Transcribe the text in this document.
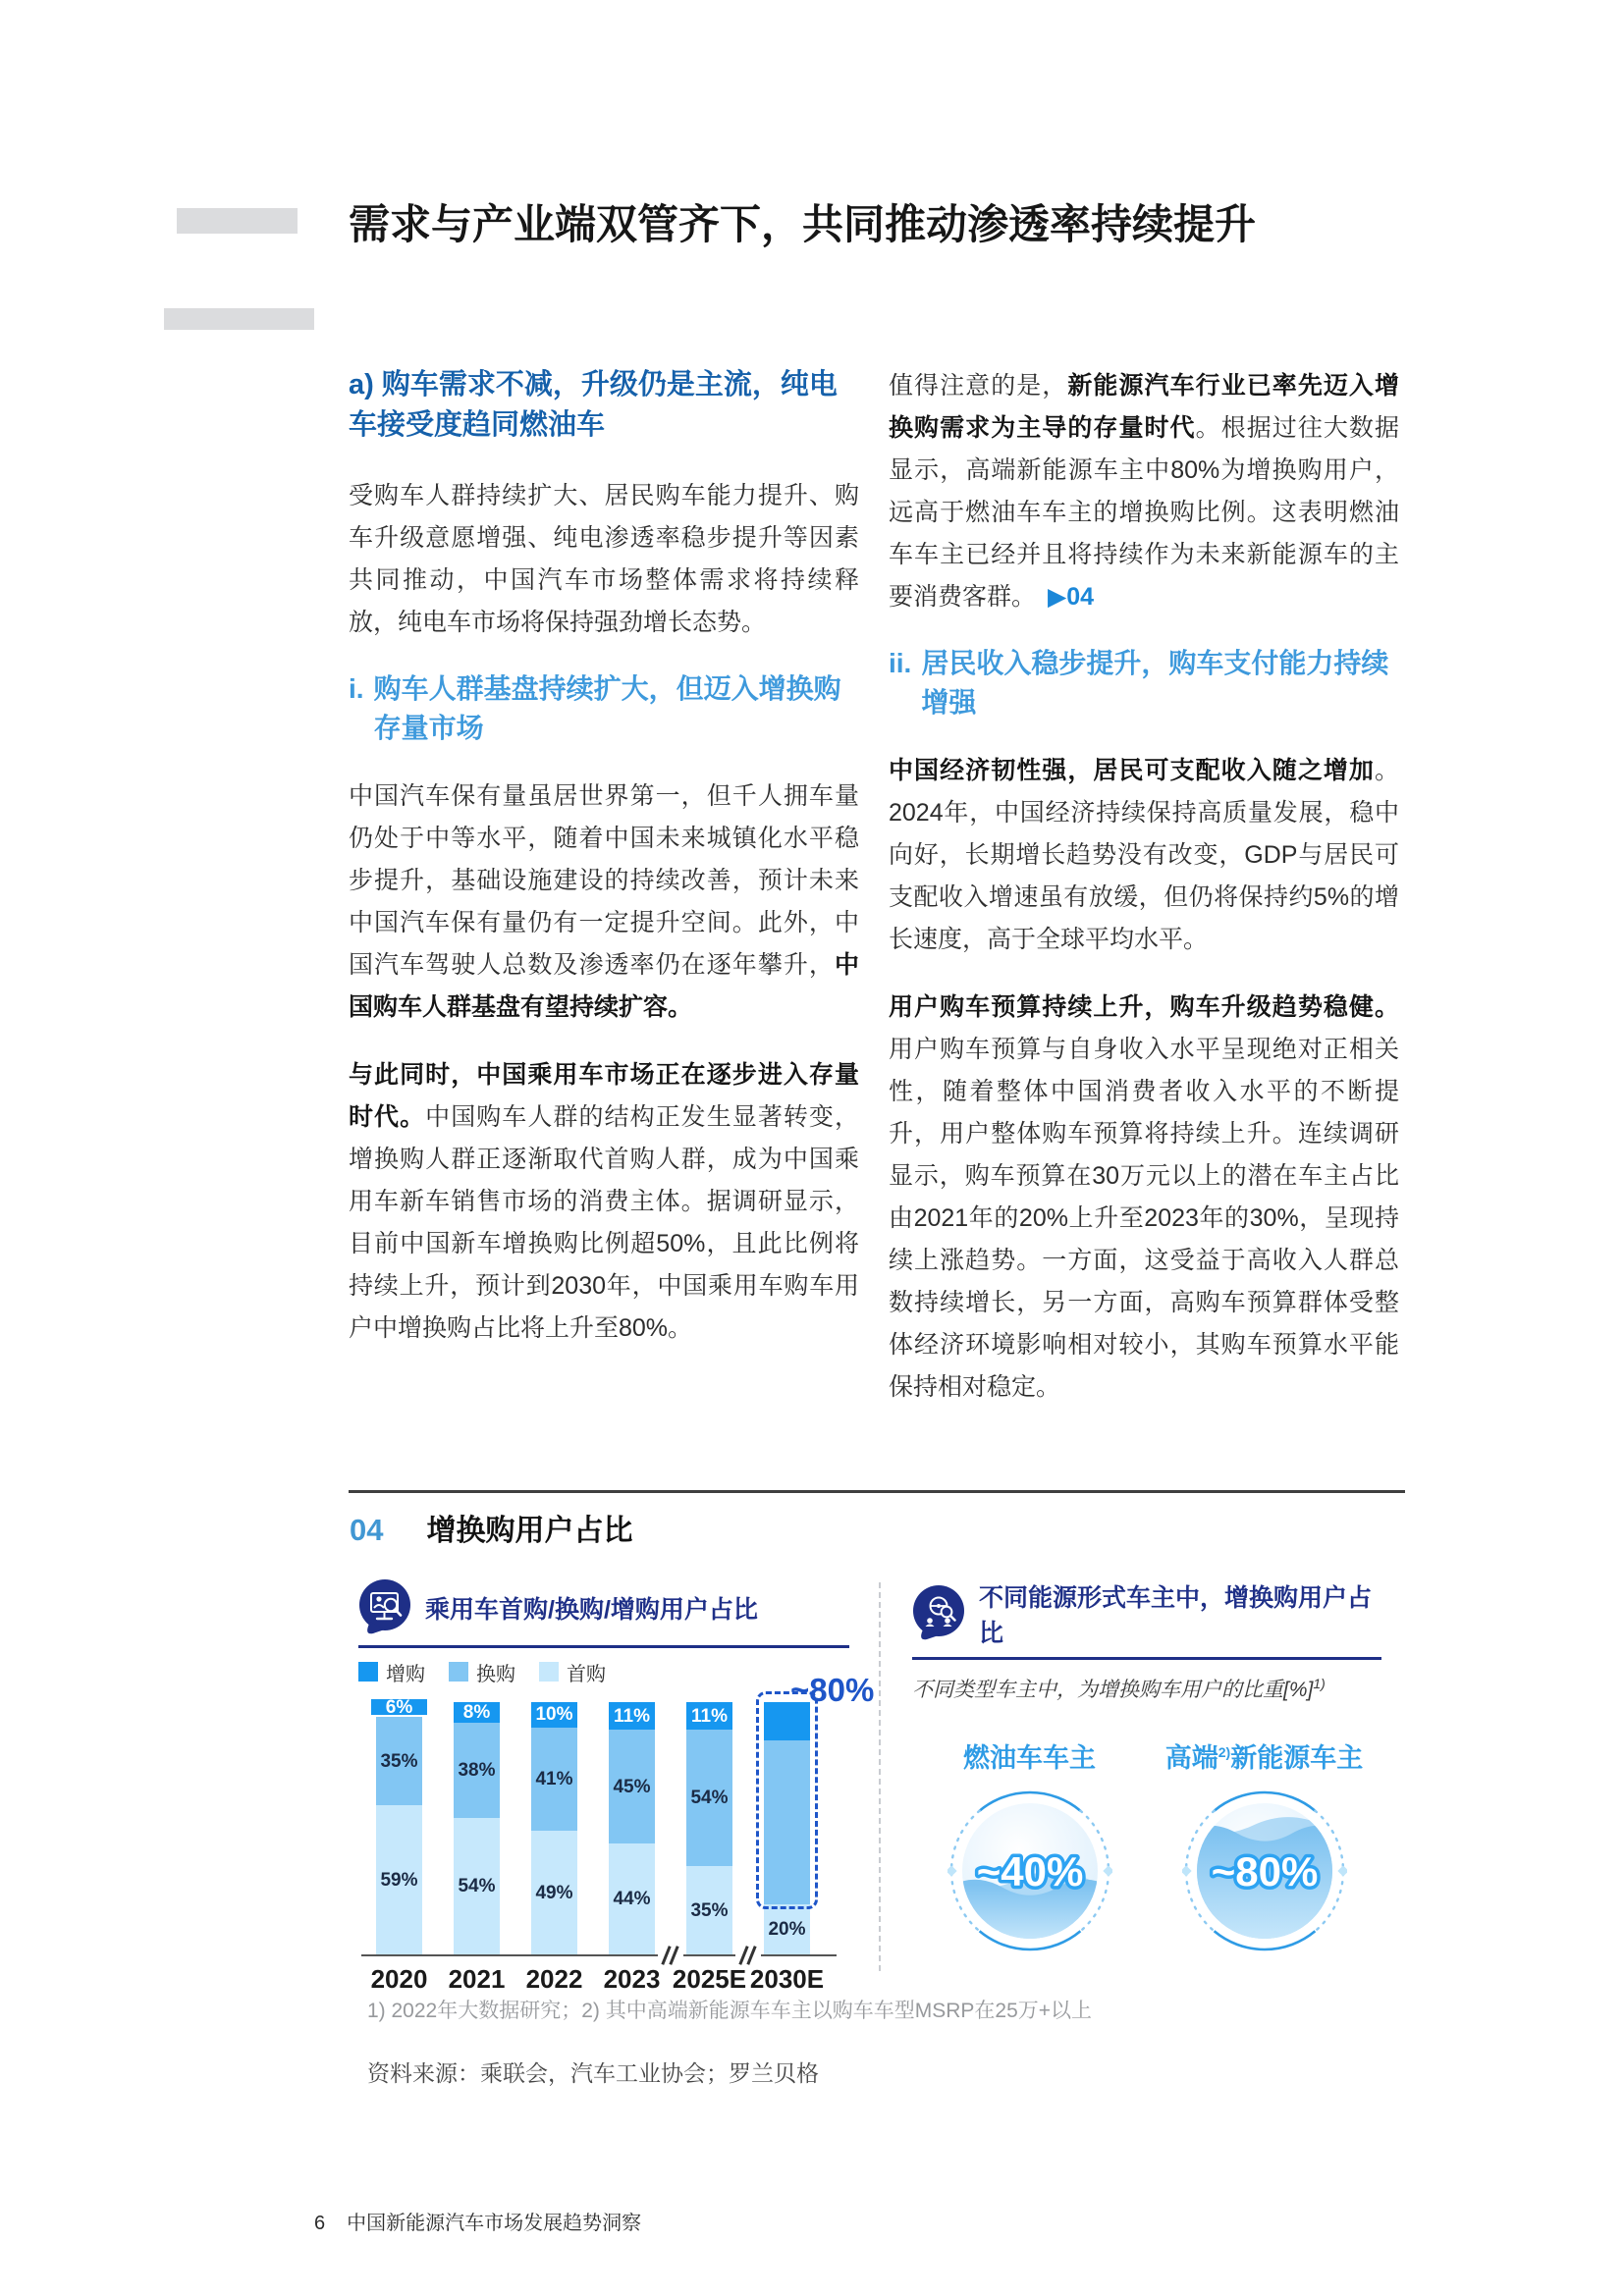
需求与产业端双管齐下，共同推动渗透率持续提升
a) 购车需求不减，升级仍是主流，纯电车接受度趋同燃油车

受购车人群持续扩大、居民购车能力提升、购车升级意愿增强、纯电渗透率稳步提升等因素共同推动，中国汽车市场整体需求将持续释放，纯电车市场将保持强劲增长态势。

i. 购车人群基盘持续扩大，但迈入增换购存量市场

中国汽车保有量虽居世界第一，但千人拥车量仍处于中等水平，随着中国未来城镇化水平稳步提升，基础设施建设的持续改善，预计未来中国汽车保有量仍有一定提升空间。此外，中国汽车驾驶人总数及渗透率仍在逐年攀升，中国购车人群基盘有望持续扩容。

与此同时，中国乘用车市场正在逐步进入存量时代。中国购车人群的结构正发生显著转变，增换购人群正逐渐取代首购人群，成为中国乘用车新车销售市场的消费主体。据调研显示，目前中国新车增换购比例超50%，且此比例将持续上升，预计到2030年，中国乘用车购车用户中增换购占比将上升至80%。

值得注意的是，新能源汽车行业已率先迈入增换购需求为主导的存量时代。根据过往大数据显示，高端新能源车主中80%为增换购用户，远高于燃油车车主的增换购比例。这表明燃油车车主已经并且将持续作为未来新能源车的主要消费客群。 ▶04

ii. 居民收入稳步提升，购车支付能力持续增强

中国经济韧性强，居民可支配收入随之增加。2024年，中国经济持续保持高质量发展，稳中向好，长期增长趋势没有改变，GDP与居民可支配收入增速虽有放缓，但仍将保持约5%的增长速度，高于全球平均水平。

用户购车预算持续上升，购车升级趋势稳健。用户购车预算与自身收入水平呈现绝对正相关性，随着整体中国消费者收入水平的不断提升，用户整体购车预算将持续上升。连续调研显示，购车预算在30万元以上的潜在车主占比由2021年的20%上升至2023年的30%，呈现持续上涨趋势。一方面，这受益于高收入人群总数持续增长，另一方面，高购车预算群体受整体经济环境影响相对较小，其购车预算水平能保持相对稳定。

04 增换购用户占比
乘用车首购/换购/增购用户占比
增购	换购	首购
59%
35%
6%
54%
38%
8%
49%
41%
10%
44%
45%
11%
35%
54%
11%
20%
~80%
2020 2021 2022 2023 2025E 2030E
不同能源形式车主中，增换购用户占比
不同类型车主中，为增换购车用户的比重[%]$^{1)}$
燃油车车主
~40%
高端$^{2)}$新能源车主
~80%
1) 2022年大数据研究；2) 其中高端新能源车车主以购车车型MSRP在25万+以上
资料来源：乘联会，汽车工业协会；罗兰贝格
6 中国新能源汽车市场发展趋势洞察
